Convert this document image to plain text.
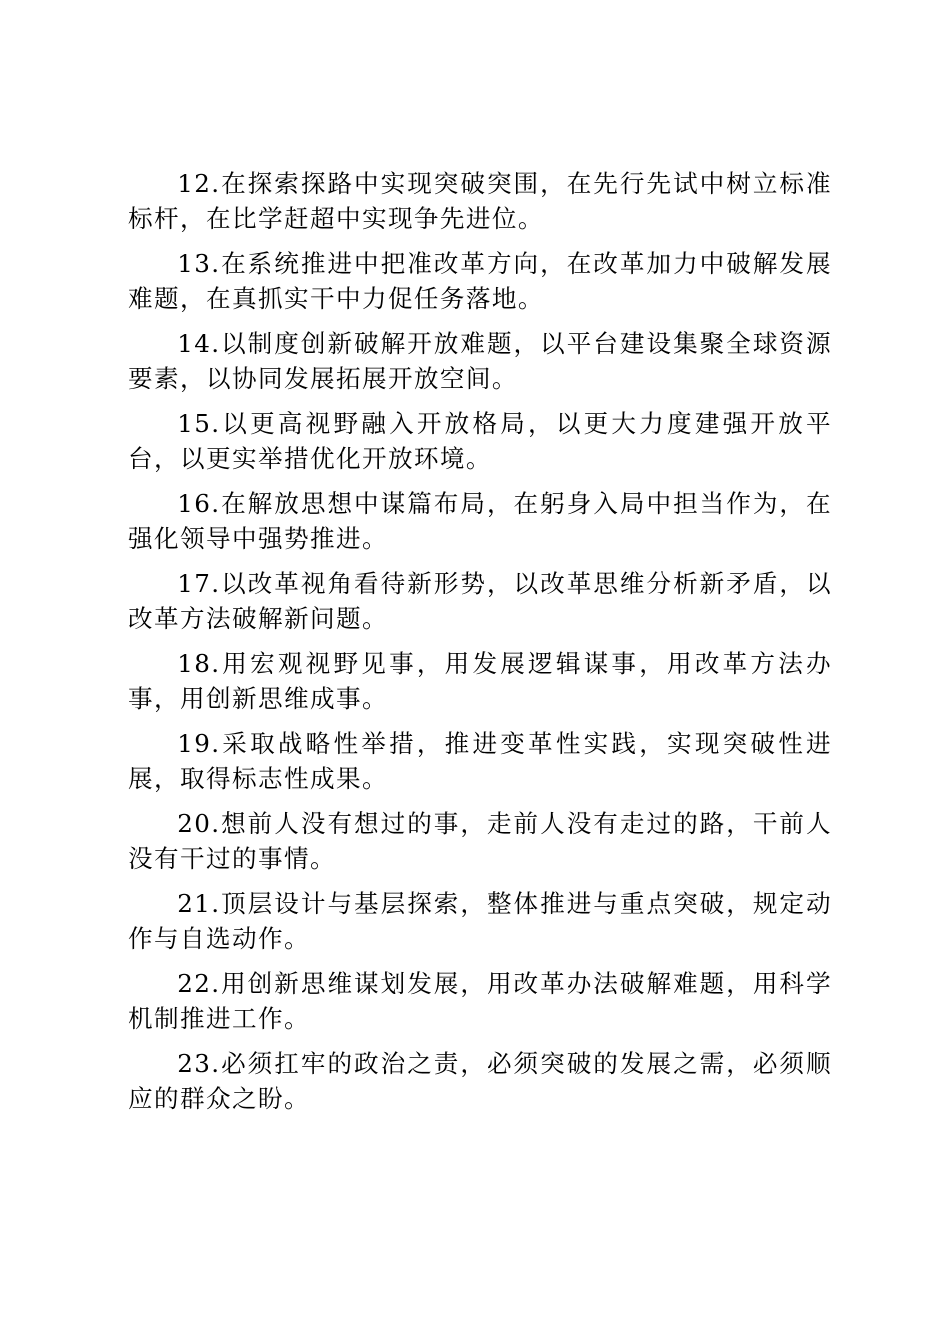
12.在探索探路中实现突破突围，在先行先试中树立标准标杆，在比学赶超中实现争先进位。

13.在系统推进中把准改革方向，在改革加力中破解发展难题，在真抓实干中力促任务落地。

14.以制度创新破解开放难题，以平台建设集聚全球资源要素，以协同发展拓展开放空间。

15.以更高视野融入开放格局，以更大力度建强开放平台，以更实举措优化开放环境。

16.在解放思想中谋篇布局，在躬身入局中担当作为，在强化领导中强势推进。

17.以改革视角看待新形势，以改革思维分析新矛盾，以改革方法破解新问题。

18.用宏观视野见事，用发展逻辑谋事，用改革方法办事，用创新思维成事。

19.采取战略性举措，推进变革性实践，实现突破性进展，取得标志性成果。

20.想前人没有想过的事，走前人没有走过的路，干前人没有干过的事情。

21.顶层设计与基层探索，整体推进与重点突破，规定动作与自选动作。

22.用创新思维谋划发展，用改革办法破解难题，用科学机制推进工作。

23.必须扛牢的政治之责，必须突破的发展之需，必须顺应的群众之盼。
